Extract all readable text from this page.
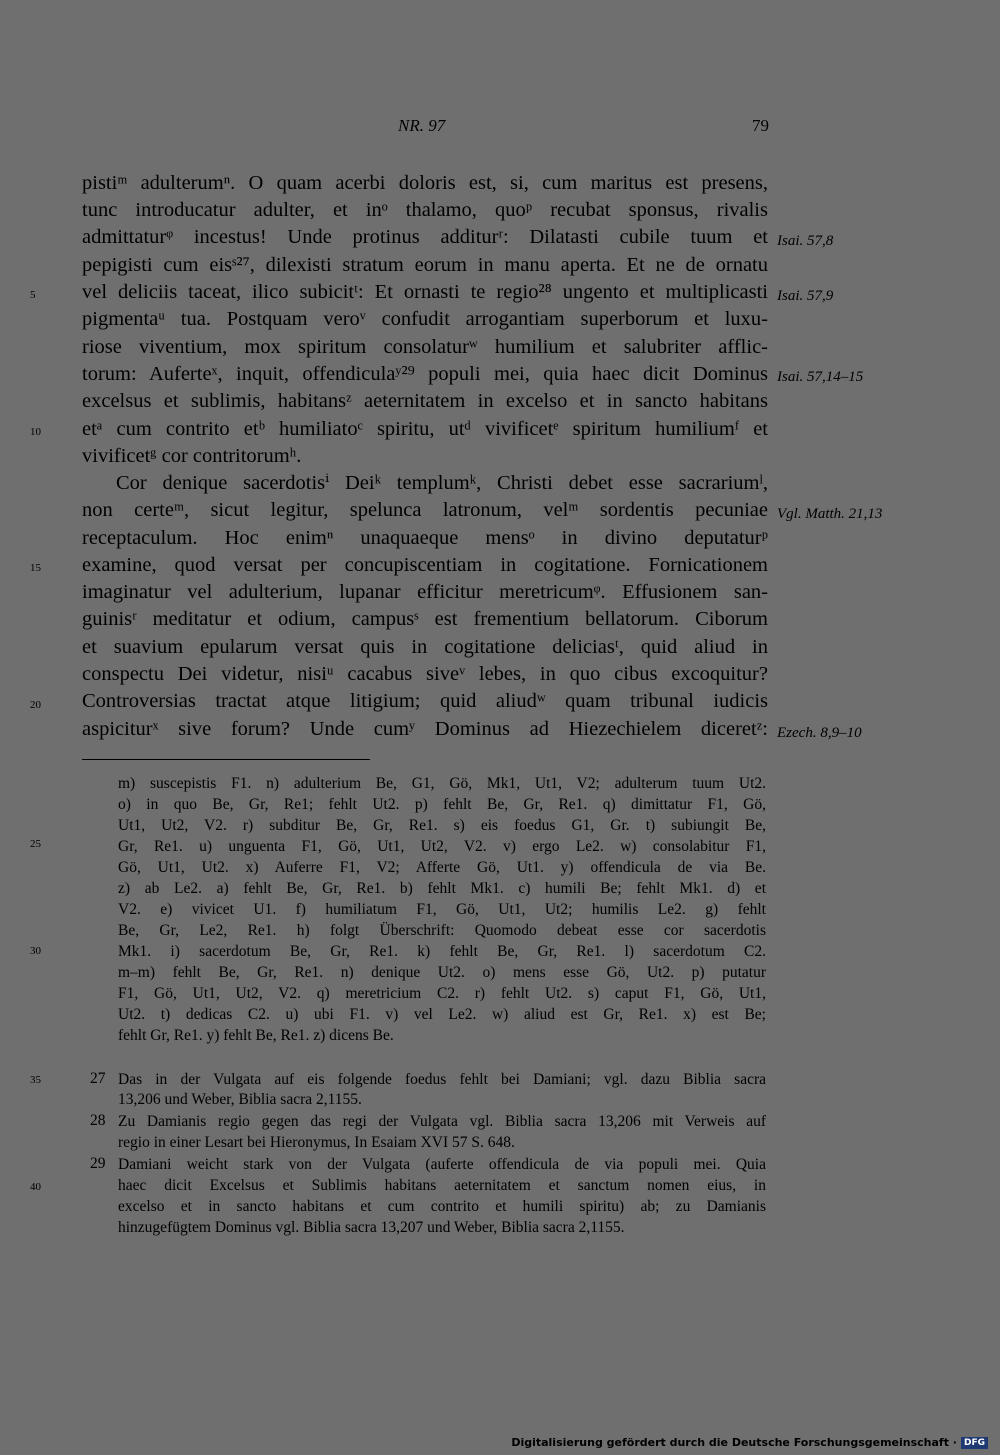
NR. 97	79
pistiᵐ adulterumⁿ. O quam acerbi doloris est, si, cum maritus est presens,
tunc introducatur adulter, et inᵒ thalamo, quoᵖ recubat sponsus, rivalis
admittaturᵠ incestus! Unde protinus additurʳ: Dilatasti cubile tuum et
pepigisti cum eisˢ²⁷, dilexisti stratum eorum in manu aperta. Et ne de ornatu
vel deliciis taceat, ilico subicitᵗ: Et ornasti te regio²⁸ ungento et multiplicasti
pigmentaᵘ tua. Postquam veroᵛ confudit arrogantiam superborum et luxu-
riose viventium, mox spiritum consolaturʷ humilium et salubriter afflic-
torum: Auferteˣ, inquit, offendiculaʸ²⁹ populi mei, quia haec dicit Dominus
excelsus et sublimis, habitansᶻ aeternitatem in excelso et in sancto habitans
etᵃ cum contrito etᵇ humiliatoᶜ spiritu, utᵈ vivificetᵉ spiritum humiliumᶠ et
vivificetᵍ cor contritorumʰ.
Cor denique sacerdotisⁱ Deiᵏ templumᵏ, Christi debet esse sacrariumˡ,
non certeᵐ, sicut legitur, spelunca latronum, velᵐ sordentis pecuniae
receptaculum. Hoc enimⁿ unaquaeque mensᵒ in divino deputaturᵖ
examine, quod versat per concupiscentiam in cogitatione. Fornicationem
imaginatur vel adulterium, lupanar efficitur meretricumᵠ. Effusionem san-
guinisʳ meditatur et odium, campusˢ est frementium bellatorum. Ciborum
et suavium epularum versat quis in cogitatione deliciasᵗ, quid aliud in
conspectu Dei videtur, nisiᵘ cacabus siveᵛ lebes, in quo cibus excoquitur?
Controversias tractat atque litigium; quid aliudʷ quam tribunal iudicis
aspiciturˣ sive forum? Unde cumʸ Dominus ad Hiezechielem diceretᶻ:
5
10
15
20
25
30
35
40
Isai. 57,8
Isai. 57,9
Isai. 57,14–15
Vgl. Matth. 21,13
Ezech. 8,9–10
m) suscepistis F1. n) adulterium Be, G1, Gö, Mk1, Ut1, V2; adulterum tuum Ut2.
o) in quo Be, Gr, Re1; fehlt Ut2. p) fehlt Be, Gr, Re1. q) dimittatur F1, Gö,
Ut1, Ut2, V2. r) subditur Be, Gr, Re1. s) eis foedus G1, Gr. t) subiungit Be,
Gr, Re1. u) unguenta F1, Gö, Ut1, Ut2, V2. v) ergo Le2. w) consolabitur F1,
Gö, Ut1, Ut2. x) Auferre F1, V2; Afferte Gö, Ut1. y) offendicula de via Be.
z) ab Le2. a) fehlt Be, Gr, Re1. b) fehlt Mk1. c) humili Be; fehlt Mk1. d) et
V2. e) vivicet U1. f) humiliatum F1, Gö, Ut1, Ut2; humilis Le2. g) fehlt
Be, Gr, Le2, Re1. h) folgt Überschrift: Quomodo debeat esse cor sacerdotis
Mk1. i) sacerdotum Be, Gr, Re1. k) fehlt Be, Gr, Re1. l) sacerdotum C2.
m–m) fehlt Be, Gr, Re1. n) denique Ut2. o) mens esse Gö, Ut2. p) putatur
F1, Gö, Ut1, Ut2, V2. q) meretricium C2. r) fehlt Ut2. s) caput F1, Gö, Ut1,
Ut2. t) dedicas C2. u) ubi F1. v) vel Le2. w) aliud est Gr, Re1. x) est Be;
fehlt Gr, Re1. y) fehlt Be, Re1. z) dicens Be.
27 Das in der Vulgata auf eis folgende foedus fehlt bei Damiani; vgl. dazu Biblia sacra
13,206 und Weber, Biblia sacra 2,1155.
28 Zu Damianis regio gegen das regi der Vulgata vgl. Biblia sacra 13,206 mit Verweis auf
regio in einer Lesart bei Hieronymus, In Esaiam XVI 57 S. 648.
29 Damiani weicht stark von der Vulgata (auferte offendicula de via populi mei. Quia
haec dicit Excelsus et Sublimis habitans aeternitatem et sanctum nomen eius, in
excelso et in sancto habitans et cum contrito et humili spiritu) ab; zu Damianis
hinzugefügtem Dominus vgl. Biblia sacra 13,207 und Weber, Biblia sacra 2,1155.
Digitalisierung gefördert durch die Deutsche Forschungsgemeinschaft · DFG
